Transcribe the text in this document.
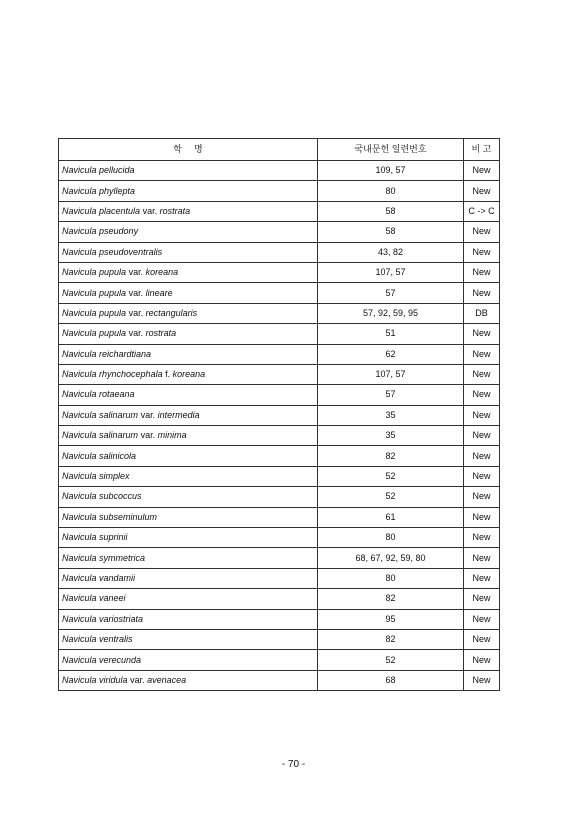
학 명	국내문헌 일련번호	비 고
Navicula pellucida	109, 57	New
Navicula phyllepta	80	New
Navicula placentula var. rostrata	58	C -> C
Navicula pseudony	58	New
Navicula pseudoventralis	43, 82	New
Navicula pupula var. koreana	107, 57	New
Navicula pupula var. lineare	57	New
Navicula pupula var. rectangularis	57, 92, 59, 95	DB
Navicula pupula var. rostrata	51	New
Navicula reichardtiana	62	New
Navicula rhynchocephala f. koreana	107, 57	New
Navicula rotaeana	57	New
Navicula salinarum var. intermedia	35	New
Navicula salinarum var. minima	35	New
Navicula salinicola	82	New
Navicula simplex	52	New
Navicula subcoccus	52	New
Navicula subseminulum	61	New
Navicula suprinii	80	New
Navicula symmetrica	68, 67, 92, 59, 80	New
Navicula vandamii	80	New
Navicula vaneei	82	New
Navicula variostriata	95	New
Navicula ventralis	82	New
Navicula verecunda	52	New
Navicula viridula var. avenacea	68	New
- 70 -
